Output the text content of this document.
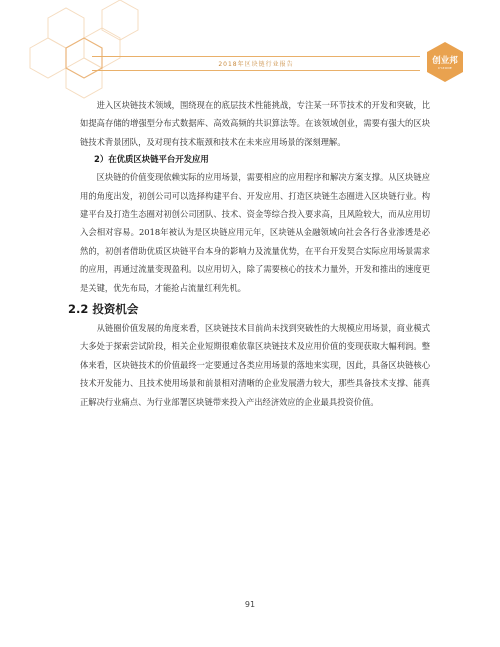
2018年区块链行业报告	创业邦
CYZONE

进入区块链技术领域，围绕现在的底层技术性能挑战，专注某一环节技术的开发和突破，比如提高存储的增强型分布式数据库、高效高频的共识算法等。在该领域创业，需要有强大的区块链技术背景团队，及对现有技术瓶颈和技术在未来应用场景的深刻理解。

2）在优质区块链平台开发应用

区块链的价值变现依赖实际的应用场景，需要相应的应用程序和解决方案支撑。从区块链应用的角度出发，初创公司可以选择构建平台、开发应用、打造区块链生态圈进入区块链行业。构建平台及打造生态圈对初创公司团队、技术、资金等综合投入要求高，且风险较大，而从应用切入会相对容易。2018年被认为是区块链应用元年，区块链从金融领域向社会各行各业渗透是必然的，初创者借助优质区块链平台本身的影响力及流量优势，在平台开发契合实际应用场景需求的应用，再通过流量变现盈利。以应用切入，除了需要核心的技术力量外，开发和推出的速度更是关键，优先布局，才能抢占流量红利先机。

2.2 投资机会

从链圈价值发展的角度来看，区块链技术目前尚未找到突破性的大规模应用场景，商业模式大多处于探索尝试阶段，相关企业短期很难依靠区块链技术及应用价值的变现获取大幅利润。整体来看，区块链技术的价值最终一定要通过各类应用场景的落地来实现，因此，具备区块链核心技术开发能力、且技术使用场景和前景相对清晰的企业发展潜力较大，那些具备技术支撑、能真正解决行业痛点、为行业部署区块链带来投入产出经济效应的企业最具投资价值。

91
